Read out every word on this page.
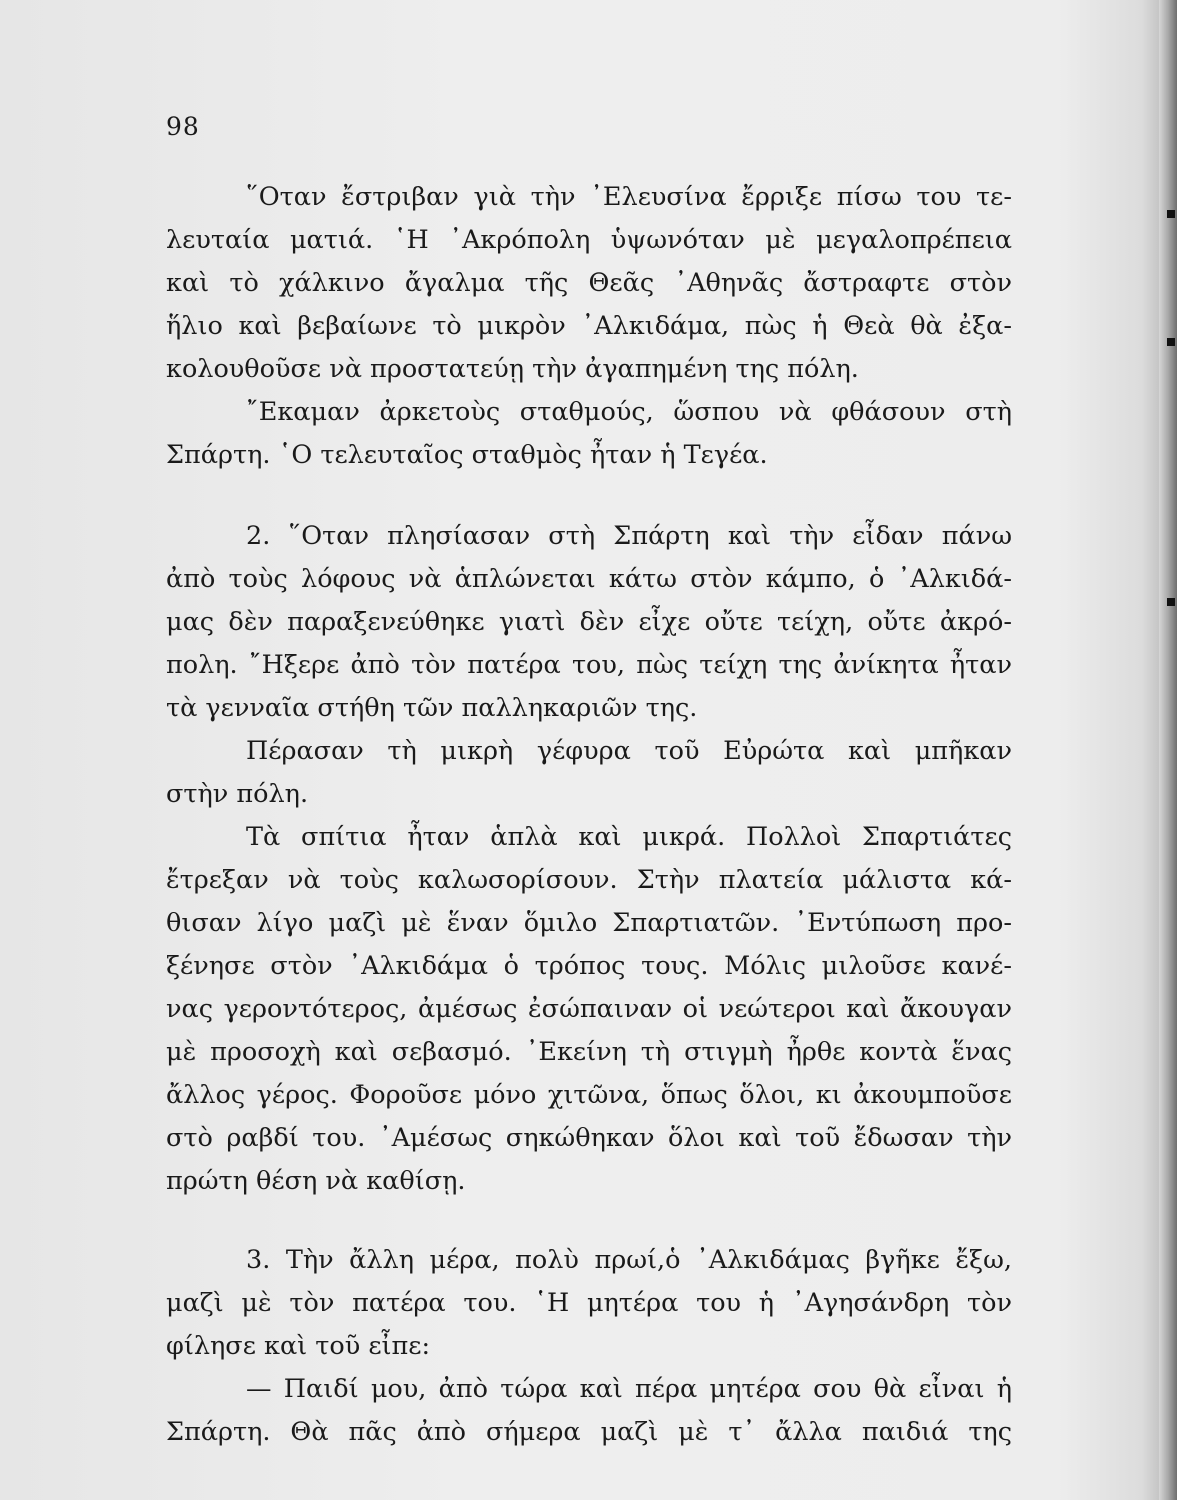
98
῞Οταν ἔστριβαν γιὰ τὴν ᾿Ελευσίνα ἔρριξε πίσω του τε-
λευταία ματιά. ῾Η ᾿Ακρόπολη ὑψωνόταν μὲ μεγαλοπρέπεια
καὶ τὸ χάλκινο ἄγαλμα τῆς Θεᾶς ᾿Αθηνᾶς ἄστραφτε στὸν
ἥλιο καὶ βεβαίωνε τὸ μικρὸν ᾿Αλκιδάμα, πὼς ἡ Θεὰ θὰ ἐξα-
κολουθοῦσε νὰ προστατεύῃ τὴν ἀγαπημένη της πόλη.
῎Εκαμαν ἀρκετοὺς σταθμούς, ὥσπου νὰ φθάσουν στὴ
Σπάρτη. ῾Ο τελευταῖος σταθμὸς ἦταν ἡ Τεγέα.
2. ῞Οταν πλησίασαν στὴ Σπάρτη καὶ τὴν εἶδαν πάνω
ἀπὸ τοὺς λόφους νὰ ἁπλώνεται κάτω στὸν κάμπο, ὁ ᾿Αλκιδά-
μας δὲν παραξενεύθηκε γιατὶ δὲν εἶχε οὔτε τείχη, οὔτε ἀκρό-
πολη. ῎Ηξερε ἀπὸ τὸν πατέρα του, πὼς τείχη της ἀνίκητα ἦταν
τὰ γενναῖα στήθη τῶν παλληκαριῶν της.
Πέρασαν τὴ μικρὴ γέφυρα τοῦ Εὐρώτα καὶ μπῆκαν
στὴν πόλη.
Τὰ σπίτια ἦταν ἁπλὰ καὶ μικρά. Πολλοὶ Σπαρτιάτες
ἔτρεξαν νὰ τοὺς καλωσορίσουν. Στὴν πλατεία μάλιστα κά-
θισαν λίγο μαζὶ μὲ ἕναν ὅμιλο Σπαρτιατῶν. ᾿Εντύπωση προ-
ξένησε στὸν ᾿Αλκιδάμα ὁ τρόπος τους. Μόλις μιλοῦσε κανέ-
νας γεροντότερος, ἀμέσως ἐσώπαιναν οἱ νεώτεροι καὶ ἄκουγαν
μὲ προσοχὴ καὶ σεβασμό. ᾿Εκείνη τὴ στιγμὴ ἦρθε κοντὰ ἕνας
ἄλλος γέρος. Φοροῦσε μόνο χιτῶνα, ὅπως ὅλοι, κι ἀκουμποῦσε
στὸ ραβδί του. ᾿Αμέσως σηκώθηκαν ὅλοι καὶ τοῦ ἔδωσαν τὴν
πρώτη θέση νὰ καθίσῃ.
3. Τὴν ἄλλη μέρα, πολὺ πρωί,ὁ ᾿Αλκιδάμας βγῆκε ἔξω,
μαζὶ μὲ τὸν πατέρα του. ῾Η μητέρα του ἡ ᾿Αγησάνδρη τὸν
φίλησε καὶ τοῦ εἶπε:
— Παιδί μου, ἀπὸ τώρα καὶ πέρα μητέρα σου θὰ εἶναι ἡ
Σπάρτη. Θὰ πᾶς ἀπὸ σήμερα μαζὶ μὲ τ᾿ ἄλλα παιδιά της
